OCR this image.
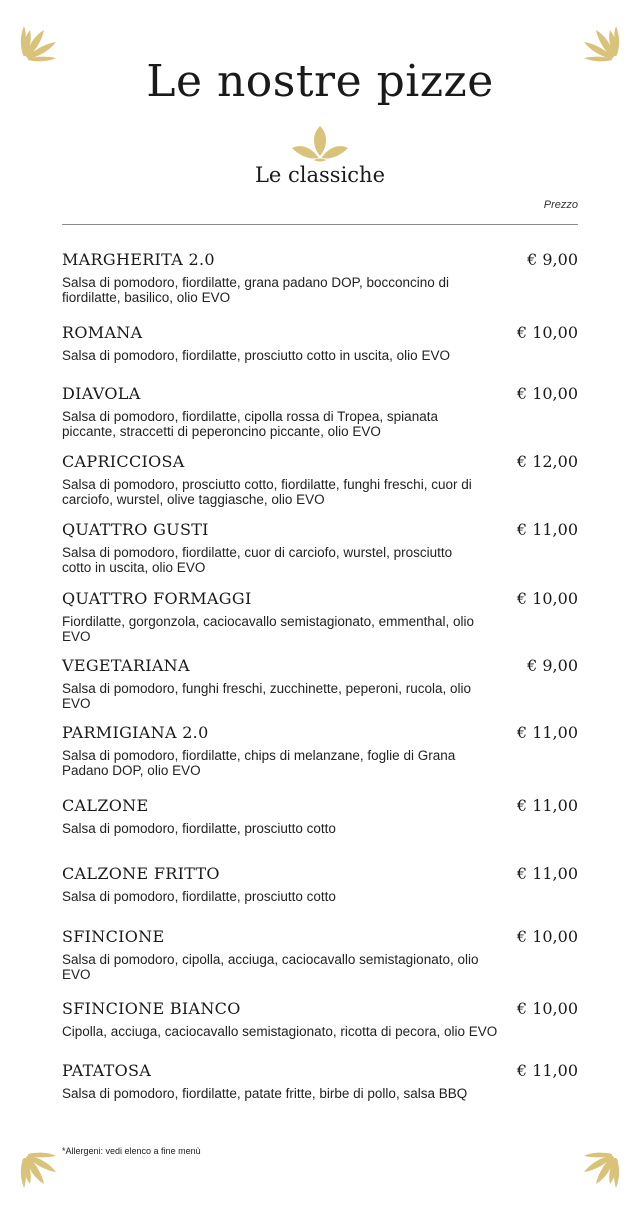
Le nostre pizze
Le classiche
Prezzo
MARGHERITA 2.0	€ 9,00
Salsa di pomodoro, fiordilatte, grana padano DOP, bocconcino di fiordilatte, basilico, olio EVO
ROMANA	€ 10,00
Salsa di pomodoro, fiordilatte, prosciutto cotto in uscita, olio EVO
DIAVOLA	€ 10,00
Salsa di pomodoro, fiordilatte, cipolla rossa di Tropea, spianata piccante, straccetti di peperoncino piccante, olio EVO
CAPRICCIOSA	€ 12,00
Salsa di pomodoro, prosciutto cotto, fiordilatte, funghi freschi, cuor di carciofo, wurstel, olive taggiasche, olio EVO
QUATTRO GUSTI	€ 11,00
Salsa di pomodoro, fiordilatte, cuor di carciofo, wurstel, prosciutto cotto in uscita, olio EVO
QUATTRO FORMAGGI	€ 10,00
Fiordilatte, gorgonzola, caciocavallo semistagionato, emmenthal, olio EVO
VEGETARIANA	€ 9,00
Salsa di pomodoro, funghi freschi, zucchinette, peperoni, rucola, olio EVO
PARMIGIANA 2.0	€ 11,00
Salsa di pomodoro, fiordilatte, chips di melanzane, foglie di Grana Padano DOP, olio EVO
CALZONE	€ 11,00
Salsa di pomodoro, fiordilatte, prosciutto cotto
CALZONE FRITTO	€ 11,00
Salsa di pomodoro, fiordilatte, prosciutto cotto
SFINCIONE	€ 10,00
Salsa di pomodoro, cipolla, acciuga, caciocavallo semistagionato, olio EVO
SFINCIONE BIANCO	€ 10,00
Cipolla, acciuga, caciocavallo semistagionato, ricotta di pecora, olio EVO
PATATOSA	€ 11,00
Salsa di pomodoro, fiordilatte, patate fritte, birbe di pollo, salsa BBQ
*Allergeni: vedi elenco a fine menù
